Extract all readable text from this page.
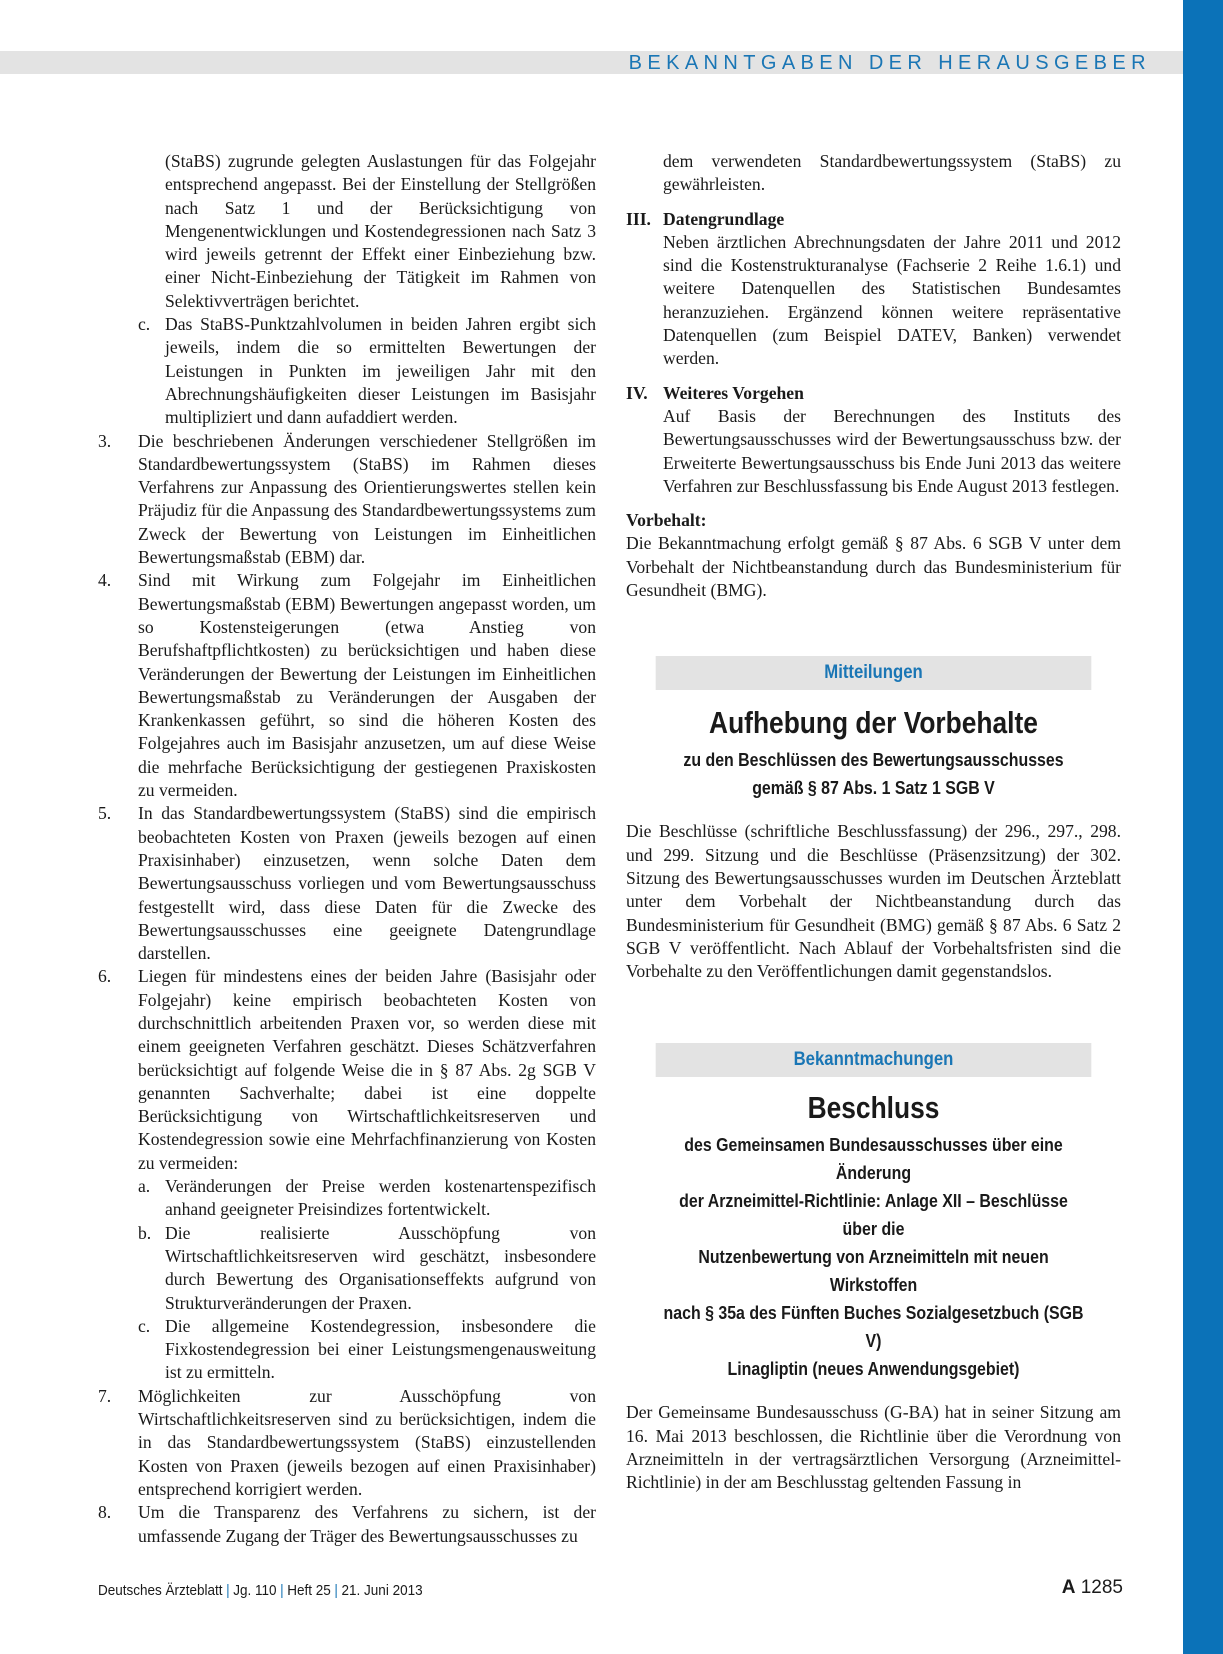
BEKANNTGABEN DER HERAUSGEBER

(StaBS) zugrunde gelegten Auslastungen für das Folgejahr entsprechend angepasst. Bei der Einstellung der Stellgrößen nach Satz 1 und der Berücksichtigung von Mengenentwicklungen und Kostendegressionen nach Satz 3 wird jeweils getrennt der Effekt einer Einbeziehung bzw. einer Nicht-Einbeziehung der Tätigkeit im Rahmen von Selektivverträgen berichtet.

c. Das StaBS-Punktzahlvolumen in beiden Jahren ergibt sich jeweils, indem die so ermittelten Bewertungen der Leistungen in Punkten im jeweiligen Jahr mit den Abrechnungshäufigkeiten dieser Leistungen im Basisjahr multipliziert und dann aufaddiert werden.

3. Die beschriebenen Änderungen verschiedener Stellgrößen im Standardbewertungssystem (StaBS) im Rahmen dieses Verfahrens zur Anpassung des Orientierungswertes stellen kein Präjudiz für die Anpassung des Standardbewertungssystems zum Zweck der Bewertung von Leistungen im Einheitlichen Bewertungsmaßstab (EBM) dar.

4. Sind mit Wirkung zum Folgejahr im Einheitlichen Bewertungsmaßstab (EBM) Bewertungen angepasst worden, um so Kostensteigerungen (etwa Anstieg von Berufshaftpflichtkosten) zu berücksichtigen und haben diese Veränderungen der Bewertung der Leistungen im Einheitlichen Bewertungsmaßstab zu Veränderungen der Ausgaben der Krankenkassen geführt, so sind die höheren Kosten des Folgejahres auch im Basisjahr anzusetzen, um auf diese Weise die mehrfache Berücksichtigung der gestiegenen Praxiskosten zu vermeiden.

5. In das Standardbewertungssystem (StaBS) sind die empirisch beobachteten Kosten von Praxen (jeweils bezogen auf einen Praxisinhaber) einzusetzen, wenn solche Daten dem Bewertungsausschuss vorliegen und vom Bewertungsausschuss festgestellt wird, dass diese Daten für die Zwecke des Bewertungsausschusses eine geeignete Datengrundlage darstellen.

6. Liegen für mindestens eines der beiden Jahre (Basisjahr oder Folgejahr) keine empirisch beobachteten Kosten von durchschnittlich arbeitenden Praxen vor, so werden diese mit einem geeigneten Verfahren geschätzt. Dieses Schätzverfahren berücksichtigt auf folgende Weise die in § 87 Abs. 2g SGB V genannten Sachverhalte; dabei ist eine doppelte Berücksichtigung von Wirtschaftlichkeitsreserven und Kostendegression sowie eine Mehrfachfinanzierung von Kosten zu vermeiden:

a. Veränderungen der Preise werden kostenartenspezifisch anhand geeigneter Preisindizes fortentwickelt.

b. Die realisierte Ausschöpfung von Wirtschaftlichkeitsreserven wird geschätzt, insbesondere durch Bewertung des Organisationseffekts aufgrund von Strukturveränderungen der Praxen.

c. Die allgemeine Kostendegression, insbesondere die Fixkostendegression bei einer Leistungsmengenausweitung ist zu ermitteln.

7. Möglichkeiten zur Ausschöpfung von Wirtschaftlichkeitsreserven sind zu berücksichtigen, indem die in das Standardbewertungssystem (StaBS) einzustellenden Kosten von Praxen (jeweils bezogen auf einen Praxisinhaber) entsprechend korrigiert werden.

8. Um die Transparenz des Verfahrens zu sichern, ist der umfassende Zugang der Träger des Bewertungsausschusses zu

dem verwendeten Standardbewertungssystem (StaBS) zu gewährleisten.

III. Datengrundlage

Neben ärztlichen Abrechnungsdaten der Jahre 2011 und 2012 sind die Kostenstrukturanalyse (Fachserie 2 Reihe 1.6.1) und weitere Datenquellen des Statistischen Bundesamtes heranzuziehen. Ergänzend können weitere repräsentative Datenquellen (zum Beispiel DATEV, Banken) verwendet werden.

IV. Weiteres Vorgehen

Auf Basis der Berechnungen des Instituts des Bewertungsausschusses wird der Bewertungsausschuss bzw. der Erweiterte Bewertungsausschuss bis Ende Juni 2013 das weitere Verfahren zur Beschlussfassung bis Ende August 2013 festlegen.

Vorbehalt:

Die Bekanntmachung erfolgt gemäß § 87 Abs. 6 SGB V unter dem Vorbehalt der Nichtbeanstandung durch das Bundesministerium für Gesundheit (BMG).

Mitteilungen
Aufhebung der Vorbehalte
zu den Beschlüssen des Bewertungsausschusses
gemäß § 87 Abs. 1 Satz 1 SGB V

Die Beschlüsse (schriftliche Beschlussfassung) der 296., 297., 298. und 299. Sitzung und die Beschlüsse (Präsenzsitzung) der 302. Sitzung des Bewertungsausschusses wurden im Deutschen Ärzteblatt unter dem Vorbehalt der Nichtbeanstandung durch das Bundesministerium für Gesundheit (BMG) gemäß § 87 Abs. 6 Satz 2 SGB V veröffentlicht. Nach Ablauf der Vorbehaltsfristen sind die Vorbehalte zu den Veröffentlichungen damit gegenstandslos.

Bekanntmachungen
Beschluss
des Gemeinsamen Bundesausschusses über eine Änderung
der Arzneimittel-Richtlinie: Anlage XII – Beschlüsse über die
Nutzenbewertung von Arzneimitteln mit neuen Wirkstoffen
nach § 35a des Fünften Buches Sozialgesetzbuch (SGB V)
Linagliptin (neues Anwendungsgebiet)

Der Gemeinsame Bundesausschuss (G-BA) hat in seiner Sitzung am 16. Mai 2013 beschlossen, die Richtlinie über die Verordnung von Arzneimitteln in der vertragsärztlichen Versorgung (Arzneimittel-Richtlinie) in der am Beschlusstag geltenden Fassung in

Deutsches Ärzteblatt | Jg. 110 | Heft 25 | 21. Juni 2013	A 1285
